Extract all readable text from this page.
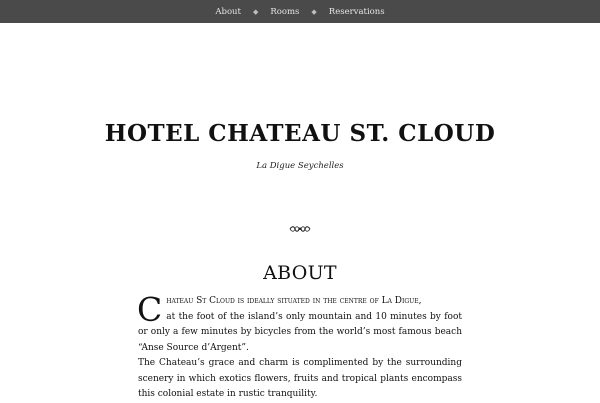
About ◆ Rooms ◆ Reservations
HOTEL CHATEAU ST. CLOUD
La Digue Seychelles
ABOUT
C hateau St Cloud is ideally situated in the centre of La Digue,
at the foot of the island’s only mountain and 10 minutes by foot or only a few minutes by bicycles from the world’s most famous beach “Anse Source d’Argent”.
The Chateau’s grace and charm is complimented by the surrounding scenery in which exotics flowers, fruits and tropical plants encompass this colonial estate in rustic tranquility.
